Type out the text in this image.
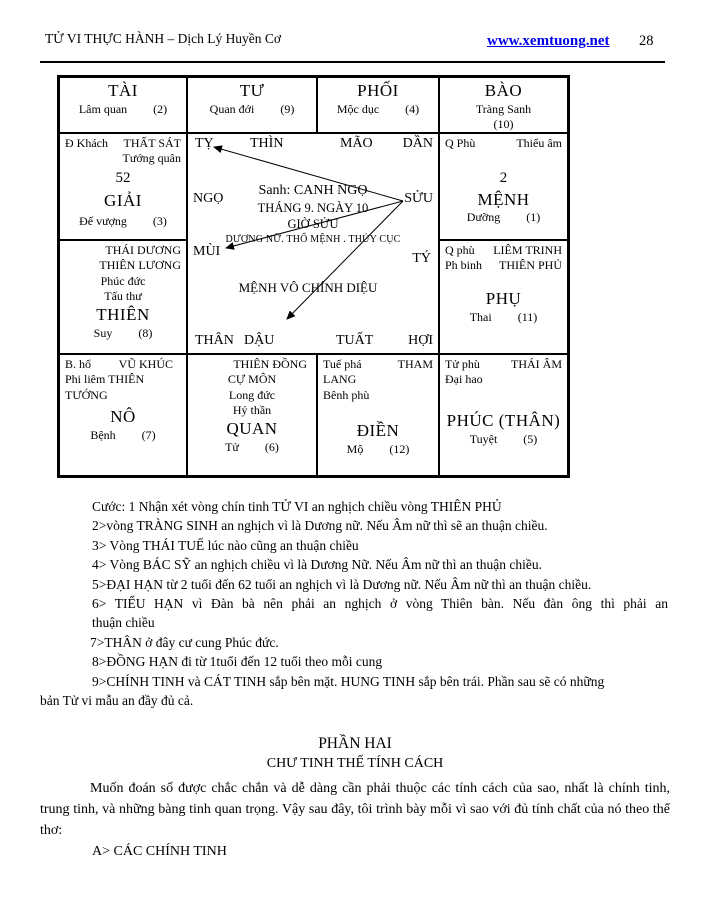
TỬ VI THỰC HÀNH – Dịch Lý Huyền Cơ	www.xemtuong.net 28
TÀI
Lâm quan (2)
TƯ
Quan đới (9)
PHỐI
Mộc dục (4)
BÀO
Tràng Sanh
(10)
Đ Khách THẤT SÁT
Tướng quân
52
GIẢI
Đế vượng (3)
TỴ	THÌN	MÃO DẦN
NGỌ	SỬU
MÙI	TÝ
THÂN DẬU	TUẤT HỢI
Sanh: CANH NGỌ
THÁNG 9. NGÀY 10
GIỜ SỬU
DƯƠNG NỮ. THỔ MỆNH . THỦY CỤC
MỆNH VÔ CHÍNH DIỆU
Q Phù	Thiếu âm
2
MỆNH
Dưỡng (1)
THÁI DƯƠNG
THIÊN LƯƠNG
Phúc đức
Tấu thư
THIÊN
Suy (8)
Q phù LIÊM TRINH
Ph binh THIÊN PHỦ
PHỤ
Thai (11)
B. hổ VŨ KHÚC
Phi liêm THIÊN TƯỚNG
NÔ
Bệnh (7)
THIÊN ĐỒNG
CỰ MÔN
Long đức
Hỷ thần
QUAN
Tử (6)
Tuế phá	THAM
LANG
Bênh phù
ĐIỀN
Mộ (12)
Tử phù	THÁI ÂM
Đại hao
PHÚC (THÂN)
Tuyệt (5)
Cước: 1 Nhận xét vòng chín tinh TỬ VI an nghịch chiều vòng THIÊN PHỦ
2>vòng TRÀNG SINH an nghịch vì là Dương nữ. Nếu Âm nữ thì sẽ an thuận chiều.
3> Vòng THÁI TUẾ lúc nào cũng an thuận chiều
4> Vòng BÁC SỸ an nghịch chiều vì là Dương Nữ. Nếu Âm nữ thì an thuận chiều.
5>ĐẠI HẠN từ 2 tuổi đến 62 tuổi an nghịch vì là Dương nữ. Nếu Âm nữ thì an thuận chiều.
6> TIỂU HẠN vì Đàn bà nên phải an nghịch ở vòng Thiên bàn. Nếu đàn ông thì phải an
thuận chiều
7>THÂN ở đây cư cung Phúc đức.
8>ĐỒNG HẠN đi từ 1tuổi đến 12 tuổi theo mỗi cung
9>CHÍNH TINH và CÁT TINH sắp bên mặt. HUNG TINH sắp bên trái. Phần sau sẽ có những
bản Tử vi mẫu an đầy đủ cả.
PHẦN HAI
CHƯ TINH THỂ TÍNH CÁCH
Muốn đoán số được chắc chắn và dễ dàng cần phải thuộc các tính cách của sao, nhất là chính tinh, trung tinh, và những bàng tinh quan trọng. Vậy sau đây, tôi trình bày mỗi vì sao với đủ tính chất của nó theo thể thơ:
A> CÁC CHÍNH TINH
